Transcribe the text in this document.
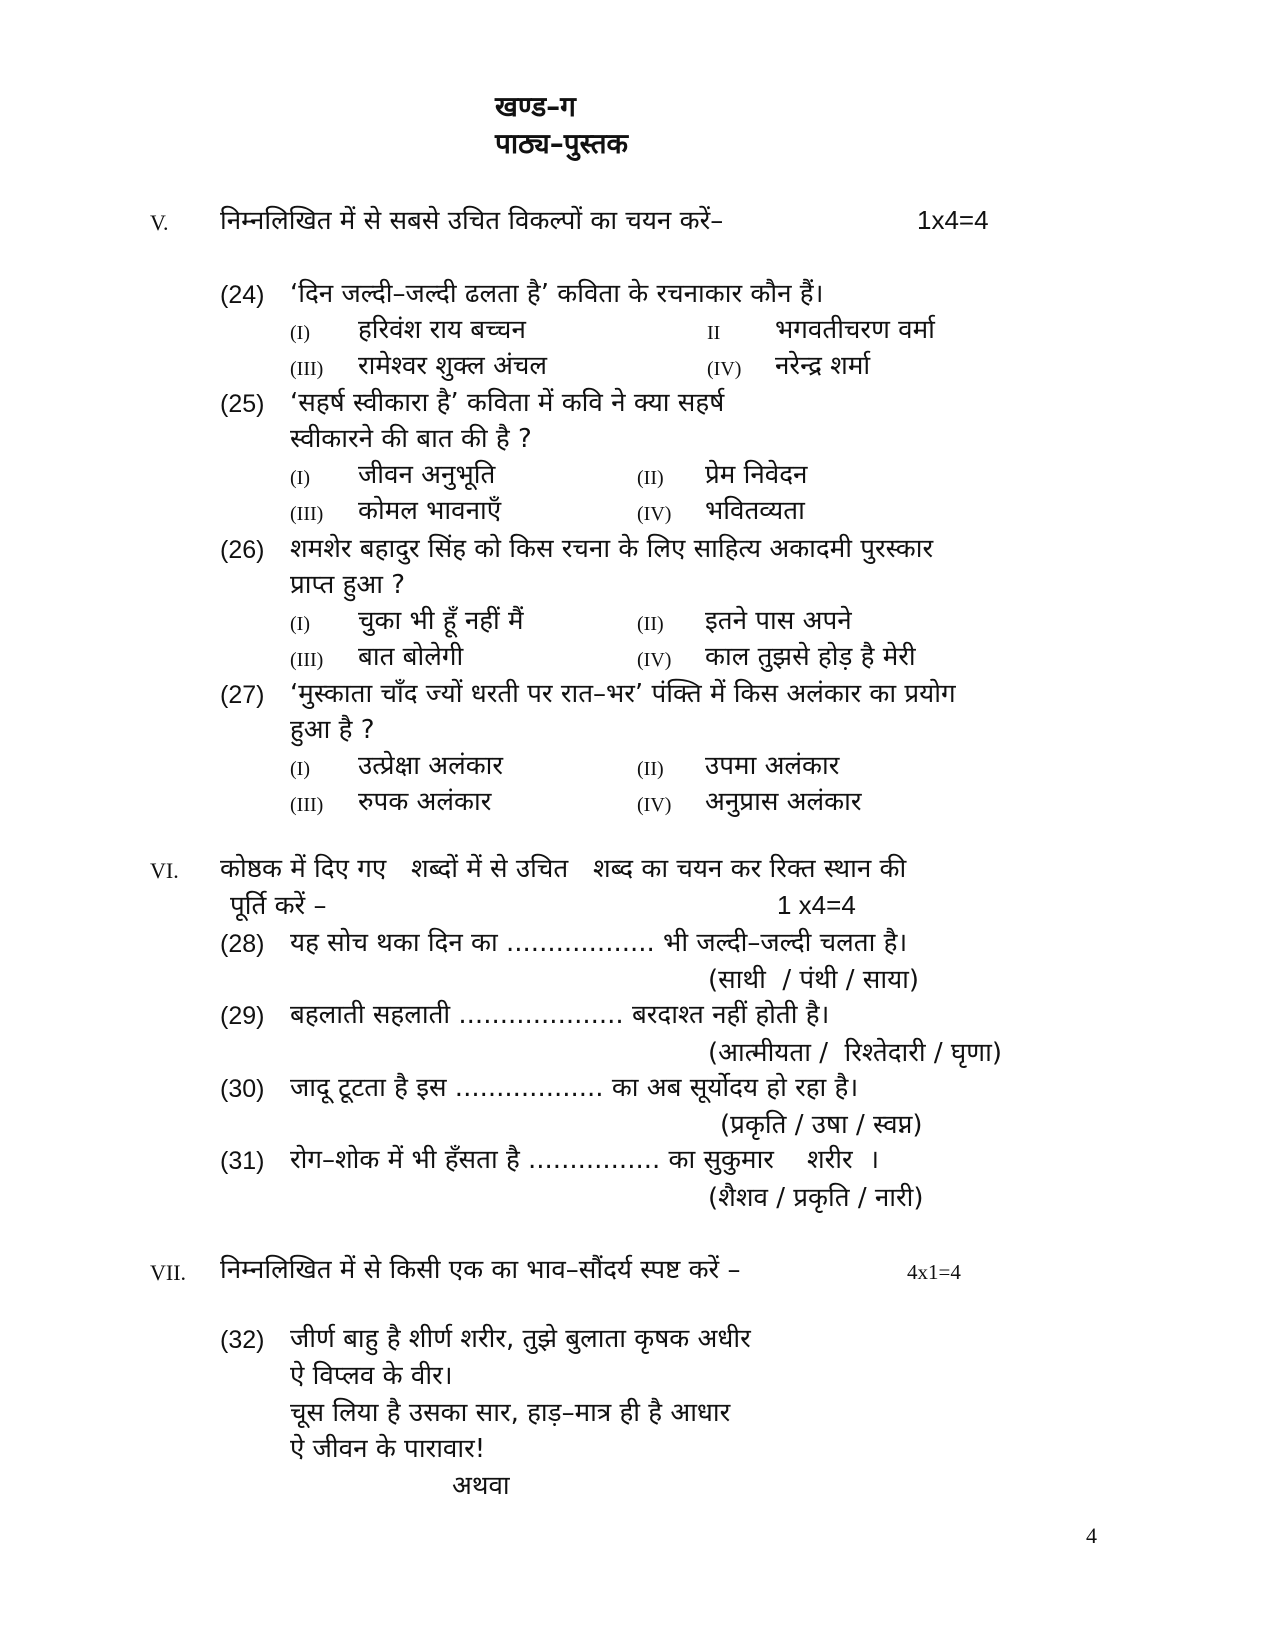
खण्ड–ग
पाठ्य–पुस्तक
V. निम्नलिखित में से सबसे उचित विकल्पों का चयन करें–	1x4=4
(24) ‘दिन जल्दी–जल्दी ढलता है’ कविता के रचनाकार कौन हैं।
(I) हरिवंश राय बच्चन	II भगवतीचरण वर्मा
(III) रामेश्वर शुक्ल अंचल	(IV) नरेन्द्र शर्मा
(25) ‘सहर्ष स्वीकारा है’ कविता में कवि ने क्या सहर्ष
स्वीकारने की बात की है ?
(I) जीवन अनुभूति	(II) प्रेम निवेदन
(III) कोमल भावनाएँ	(IV) भवितव्यता
(26) शमशेर बहादुर सिंह को किस रचना के लिए साहित्य अकादमी पुरस्कार
प्राप्त हुआ ?
(I) चुका भी हूँ नहीं मैं	(II) इतने पास अपने
(III) बात बोलेगी	(IV) काल तुझसे होड़ है मेरी
(27) ‘मुस्काता चाँद ज्यों धरती पर रात–भर’ पंक्ति में किस अलंकार का प्रयोग
हुआ है ?
(I) उत्प्रेक्षा अलंकार	(II) उपमा अलंकार
(III) रुपक अलंकार	(IV) अनुप्रास अलंकार
VI. कोष्ठक में दिए गए   शब्दों में से उचित   शब्द का चयन कर रिक्त स्थान की
पूर्ति करें –	1 x4=4
(28) यह सोच थका दिन का .................. भी जल्दी–जल्दी चलता है।
(साथी  / पंथी / साया)
(29) बहलाती सहलाती .................... बरदाश्त नहीं होती है।
(आत्मीयता /  रिश्तेदारी / घृणा)
(30) जादू टूटता है इस .................. का अब सूर्योदय हो रहा है।
(प्रकृति / उषा / स्वप्न)
(31) रोग–शोक में भी हँसता है ................ का सुकुमार    शरीर  ।
(शैशव / प्रकृति / नारी)
VII. निम्नलिखित में से किसी एक का भाव–सौंदर्य स्पष्ट करें –	4x1=4
(32) जीर्ण बाहु है शीर्ण शरीर, तुझे बुलाता कृषक अधीर
ऐ विप्लव के वीर।
चूस लिया है उसका सार, हाड़–मात्र ही है आधार
ऐ जीवन के पारावार!
अथवा
4
